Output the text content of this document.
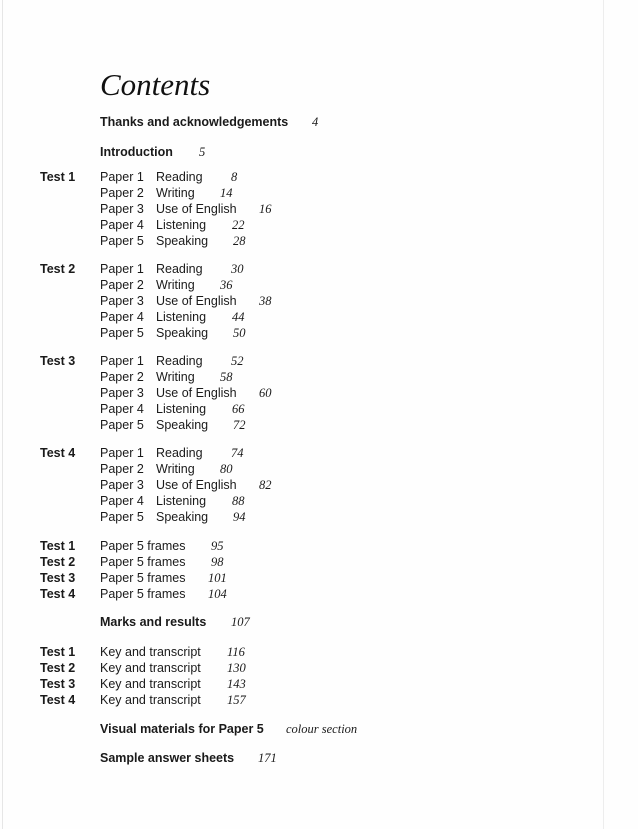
Contents
Thanks and acknowledgements 4
Introduction 5
Test 1 Paper 1 Reading 8
Paper 2 Writing 14
Paper 3 Use of English 16
Paper 4 Listening 22
Paper 5 Speaking 28
Test 2 Paper 1 Reading 30
Paper 2 Writing 36
Paper 3 Use of English 38
Paper 4 Listening 44
Paper 5 Speaking 50
Test 3 Paper 1 Reading 52
Paper 2 Writing 58
Paper 3 Use of English 60
Paper 4 Listening 66
Paper 5 Speaking 72
Test 4 Paper 1 Reading 74
Paper 2 Writing 80
Paper 3 Use of English 82
Paper 4 Listening 88
Paper 5 Speaking 94
Test 1 Paper 5 frames 95
Test 2 Paper 5 frames 98
Test 3 Paper 5 frames 101
Test 4 Paper 5 frames 104
Marks and results 107
Test 1 Key and transcript 116
Test 2 Key and transcript 130
Test 3 Key and transcript 143
Test 4 Key and transcript 157
Visual materials for Paper 5 colour section
Sample answer sheets 171
